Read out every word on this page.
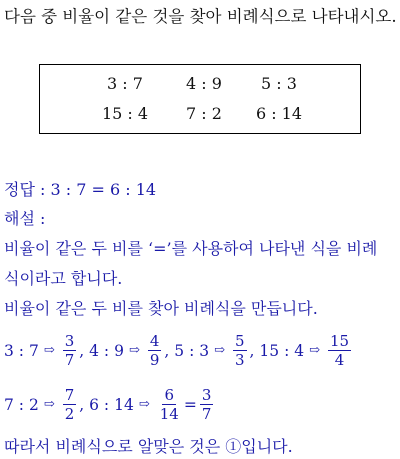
다음 중 비율이 같은 것을 찾아 비례식으로 나타내시오.
3 : 7	4 : 9	5 : 3
15 : 4	7 : 2	6 : 14
정답 : 3 : 7 = 6 : 14
해설 :
비율이 같은 두 비를 ‘=’를 사용하여 나타낸 식을 비례
식이라고 합니다.
비율이 같은 두 비를 찾아 비례식을 만듭니다.
3 : 7 ⇨ $\frac{3}{7}$ ,
4 : 9 ⇨ $\frac{4}{9}$ ,
5 : 3 ⇨ $\frac{5}{3}$ ,
15 : 4 ⇨ $\frac{15}{4}$
7 : 2 ⇨ $\frac{7}{2}$ ,
6 : 14 ⇨ $\frac{6}{14} = \frac{3}{7}$
따라서 비례식으로 알맞은 것은 ①입니다.
